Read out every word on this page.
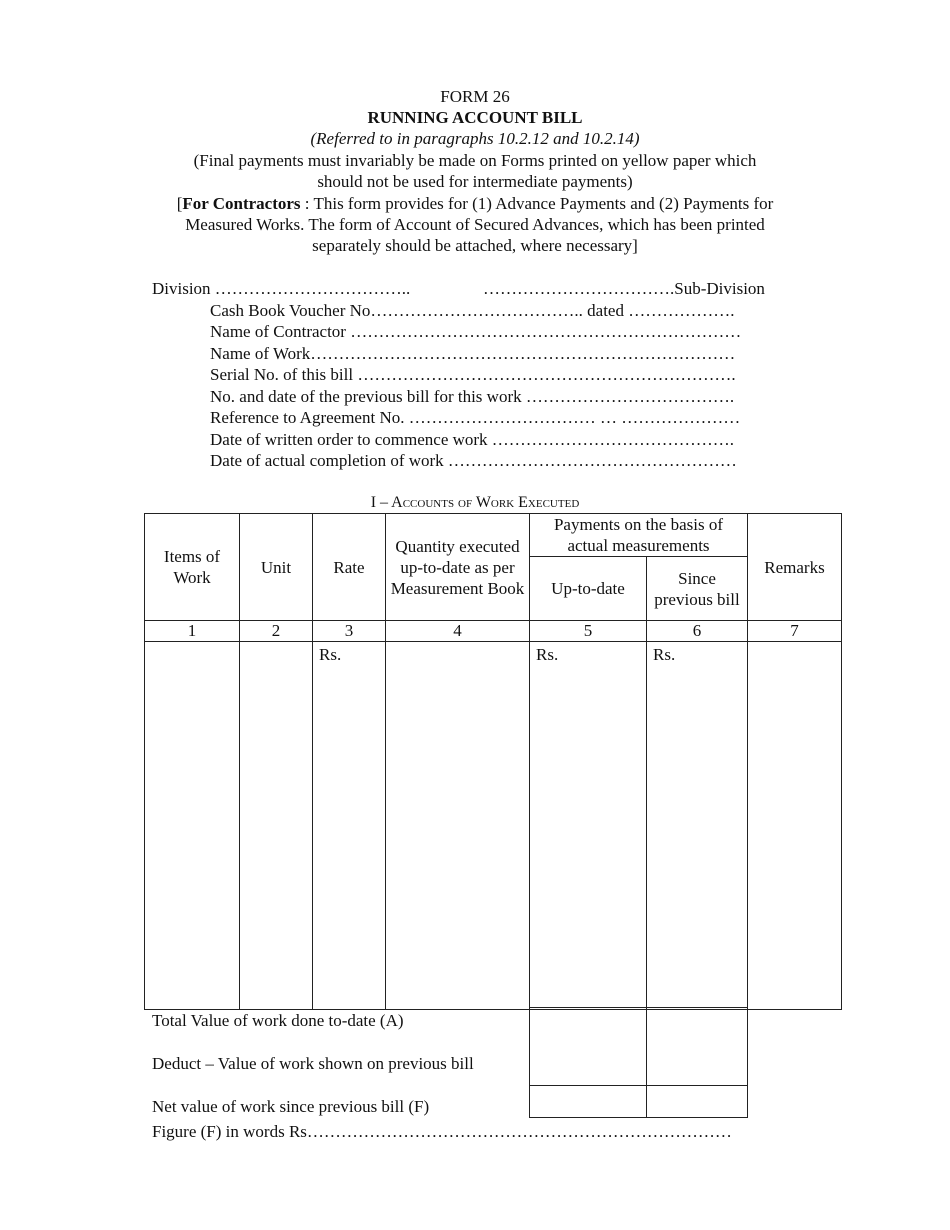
FORM 26
RUNNING ACCOUNT BILL
(Referred to in paragraphs 10.2.12 and 10.2.14)
(Final payments must invariably be made on Forms printed on yellow paper which
should not be used for intermediate payments)
[For Contractors : This form provides for (1) Advance Payments and (2) Payments for
Measured Works. The form of Account of Secured Advances, which has been printed
separately should be attached, where necessary]
Division ……………………………..	…………………………….Sub-Division
Cash Book Voucher No……………………………….. dated ……………….
Name of Contractor ……………………………………………………………
Name of Work…………………………………………………………………
Serial No. of this bill ………………………………………………………….
No. and date of the previous bill for this work ……………………………….
Reference to Agreement No. …………………………… … …………………
Date of written order to commence work …………………………………….
Date of actual completion of work ……………………………………………
I – Accounts of Work Executed
Items of Work	Unit	Rate	Quantity executed up-to-date as per Measurement Book	Payments on the basis of actual measurements		Remarks
				Up-to-date	Since previous bill	
1	2	3	4	5	6	7
		Rs.		Rs.	Rs.	
Total Value of work done to-date (A)
Deduct – Value of work shown on previous bill
Net value of work since previous bill (F)
Figure (F) in words Rs…………………………………………………………………
